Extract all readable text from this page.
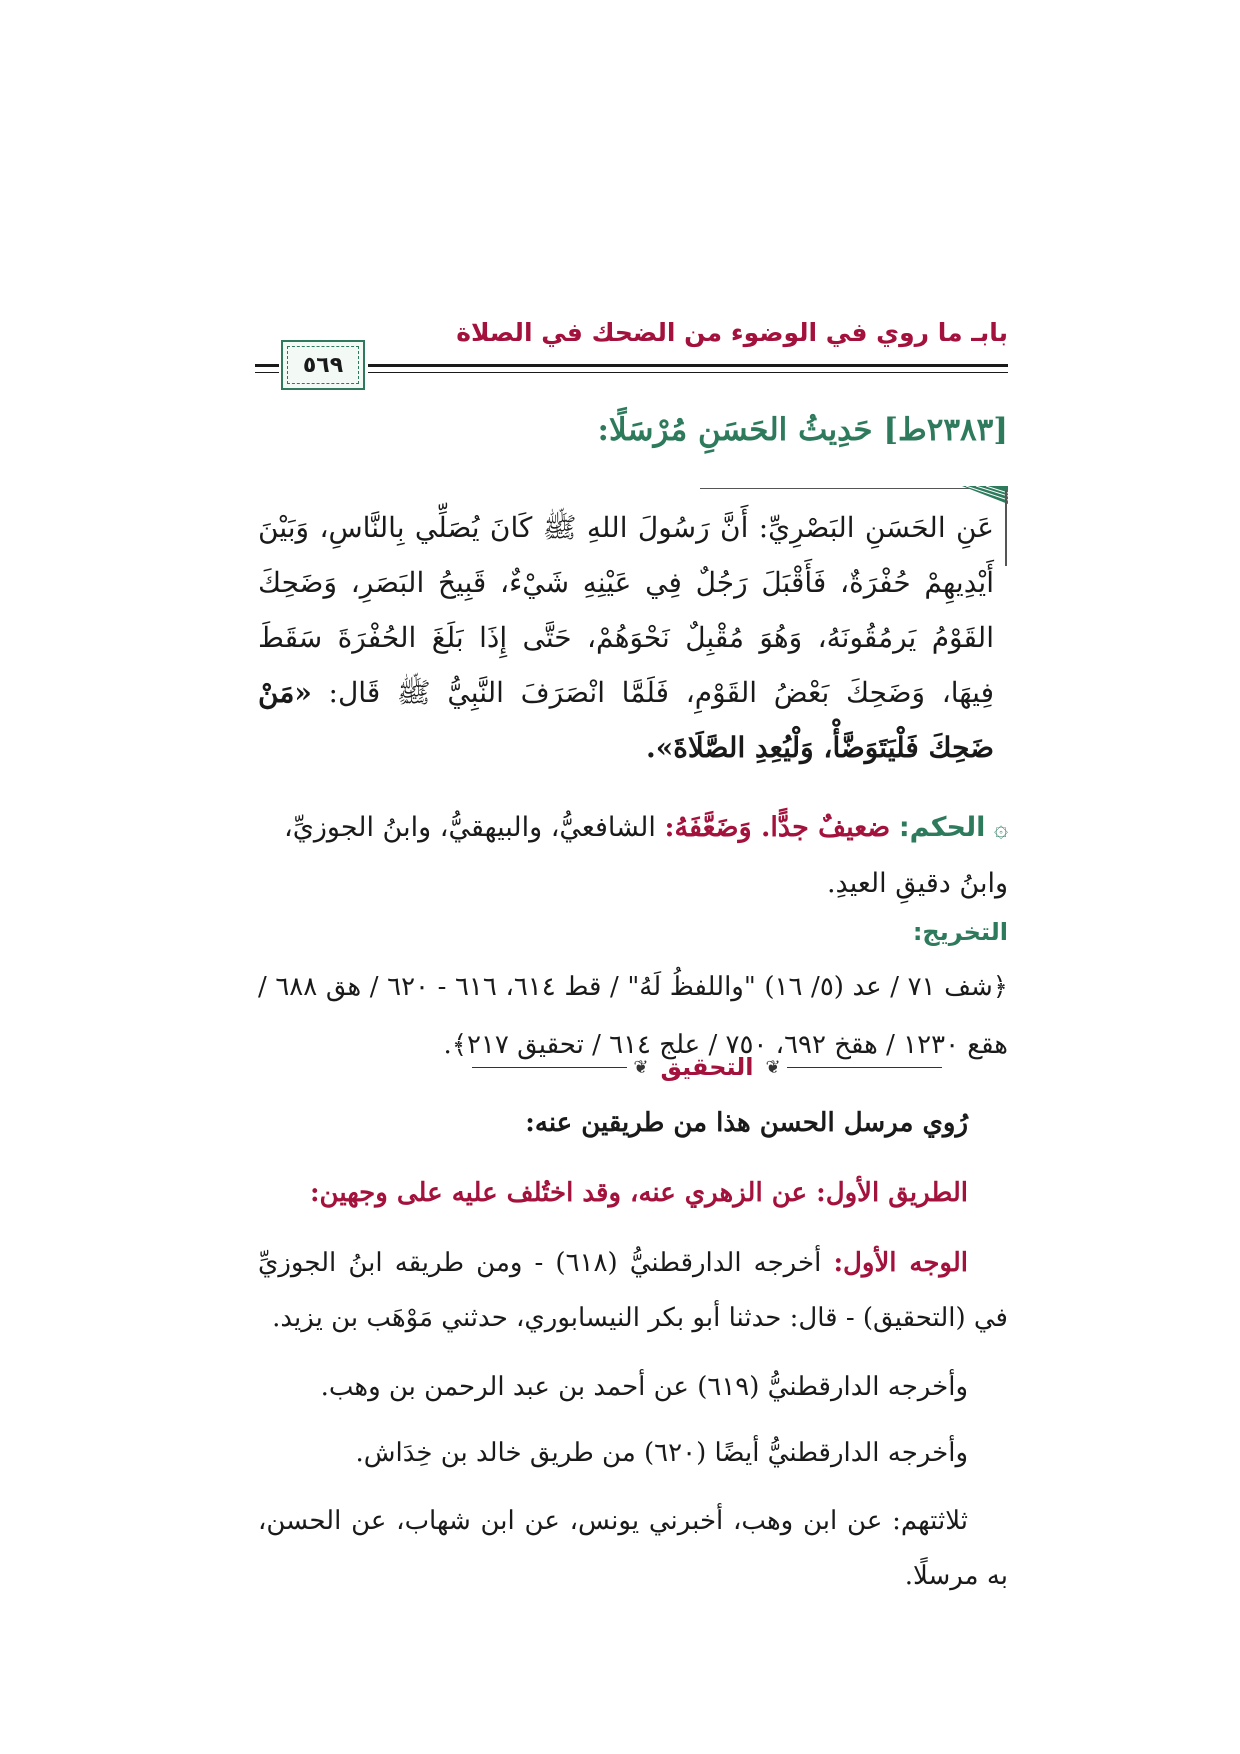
بابـ ما روي في الوضوء من الضحك في الصلاة
٥٦٩
[٢٣٨٣ط] حَدِيثُ الحَسَنِ مُرْسَلًا:
عَنِ الحَسَنِ البَصْرِيِّ: أَنَّ رَسُولَ اللهِ ﷺ كَانَ يُصَلِّي بِالنَّاسِ، وَبَيْنَ أَيْدِيهِمْ حُفْرَةٌ، فَأَقْبَلَ رَجُلٌ فِي عَيْنِهِ شَيْءٌ، قَبِيحُ البَصَرِ، وَضَحِكَ القَوْمُ يَرمُقُونَهُ، وَهُوَ مُقْبِلٌ نَحْوَهُمْ، حَتَّى إِذَا بَلَغَ الحُفْرَةَ سَقَطَ فِيهَا، وَضَحِكَ بَعْضُ القَوْمِ، فَلَمَّا انْصَرَفَ النَّبِيُّ ﷺ قَال: «مَنْ ضَحِكَ فَلْيَتَوَضَّأْ، وَلْيُعِدِ الصَّلَاةَ».
۞ الحكم: ضعيفٌ جدًّا. وَضَعَّفَهُ: الشافعيُّ، والبيهقيُّ، وابنُ الجوزيِّ، وابنُ دقيقِ العيدِ.
التخريج:
﴿شف ٧١ / عد (٥/ ١٦) "واللفظُ لَهُ" / قط ٦١٤، ٦١٦ - ٦٢٠ / هق ٦٨٨ / هقع ١٢٣٠ / هقخ ٦٩٢، ٧٥٠ / علج ٦١٤ / تحقيق ٢١٧﴾.
❦ التحقيق ❦
رُوي مرسل الحسن هذا من طريقين عنه:
الطريق الأول: عن الزهري عنه، وقد اختُلف عليه على وجهين:
الوجه الأول: أخرجه الدارقطنيُّ (٦١٨) - ومن طريقه ابنُ الجوزيِّ في (التحقيق) - قال: حدثنا أبو بكر النيسابوري، حدثني مَوْهَب بن يزيد.
وأخرجه الدارقطنيُّ (٦١٩) عن أحمد بن عبد الرحمن بن وهب.
وأخرجه الدارقطنيُّ أيضًا (٦٢٠) من طريق خالد بن خِدَاش.
ثلاثتهم: عن ابن وهب، أخبرني يونس، عن ابن شهاب، عن الحسن، به مرسلًا.
